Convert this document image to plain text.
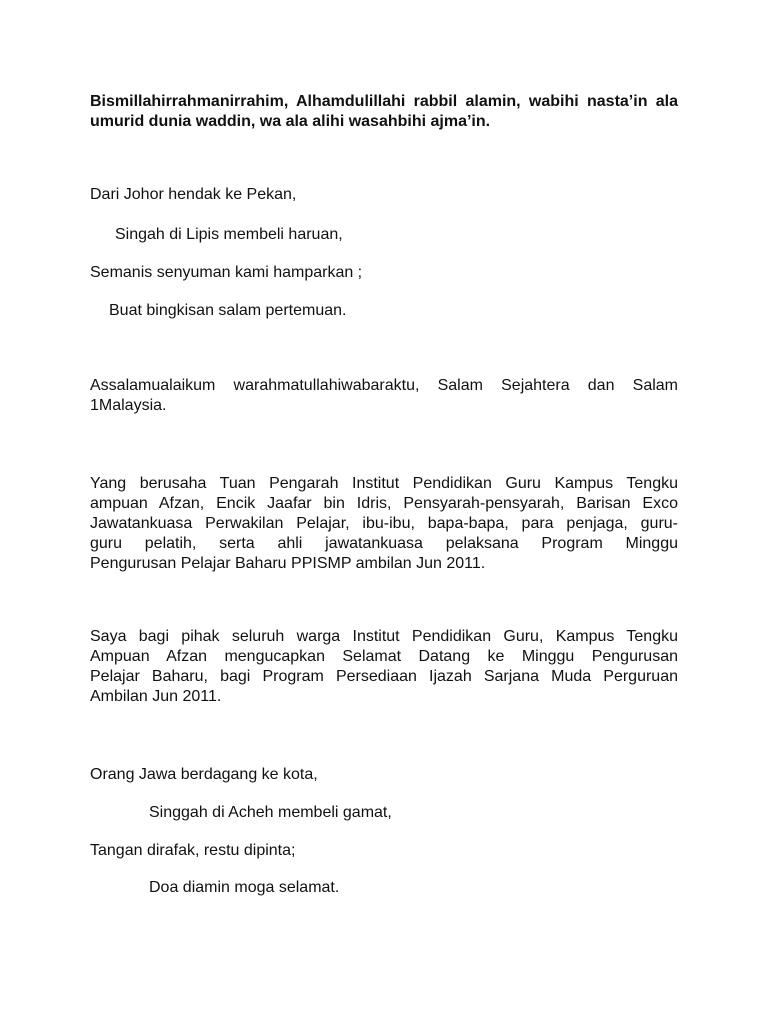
Bismillahirrahmanirrahim, Alhamdulillahi rabbil alamin, wabihi nasta’in ala
umurid dunia waddin, wa ala alihi wasahbihi ajma’in.

Dari Johor hendak ke Pekan,

Singah di Lipis membeli haruan,

Semanis senyuman kami hamparkan ;

Buat bingkisan salam pertemuan.

Assalamualaikum warahmatullahiwabaraktu, Salam Sejahtera dan Salam
1Malaysia.
Yang berusaha Tuan Pengarah Institut Pendidikan Guru Kampus Tengku
ampuan Afzan, Encik Jaafar bin Idris, Pensyarah-pensyarah, Barisan Exco
Jawatankuasa Perwakilan Pelajar, ibu-ibu, bapa-bapa, para penjaga, guru-
guru pelatih, serta ahli jawatankuasa pelaksana Program Minggu
Pengurusan Pelajar Baharu PPISMP ambilan Jun 2011.
Saya bagi pihak seluruh warga Institut Pendidikan Guru, Kampus Tengku
Ampuan Afzan mengucapkan Selamat Datang ke Minggu Pengurusan
Pelajar Baharu, bagi Program Persediaan Ijazah Sarjana Muda Perguruan
Ambilan Jun 2011.

Orang Jawa berdagang ke kota,

Singgah di Acheh membeli gamat,

Tangan dirafak, restu dipinta;

Doa diamin moga selamat.
